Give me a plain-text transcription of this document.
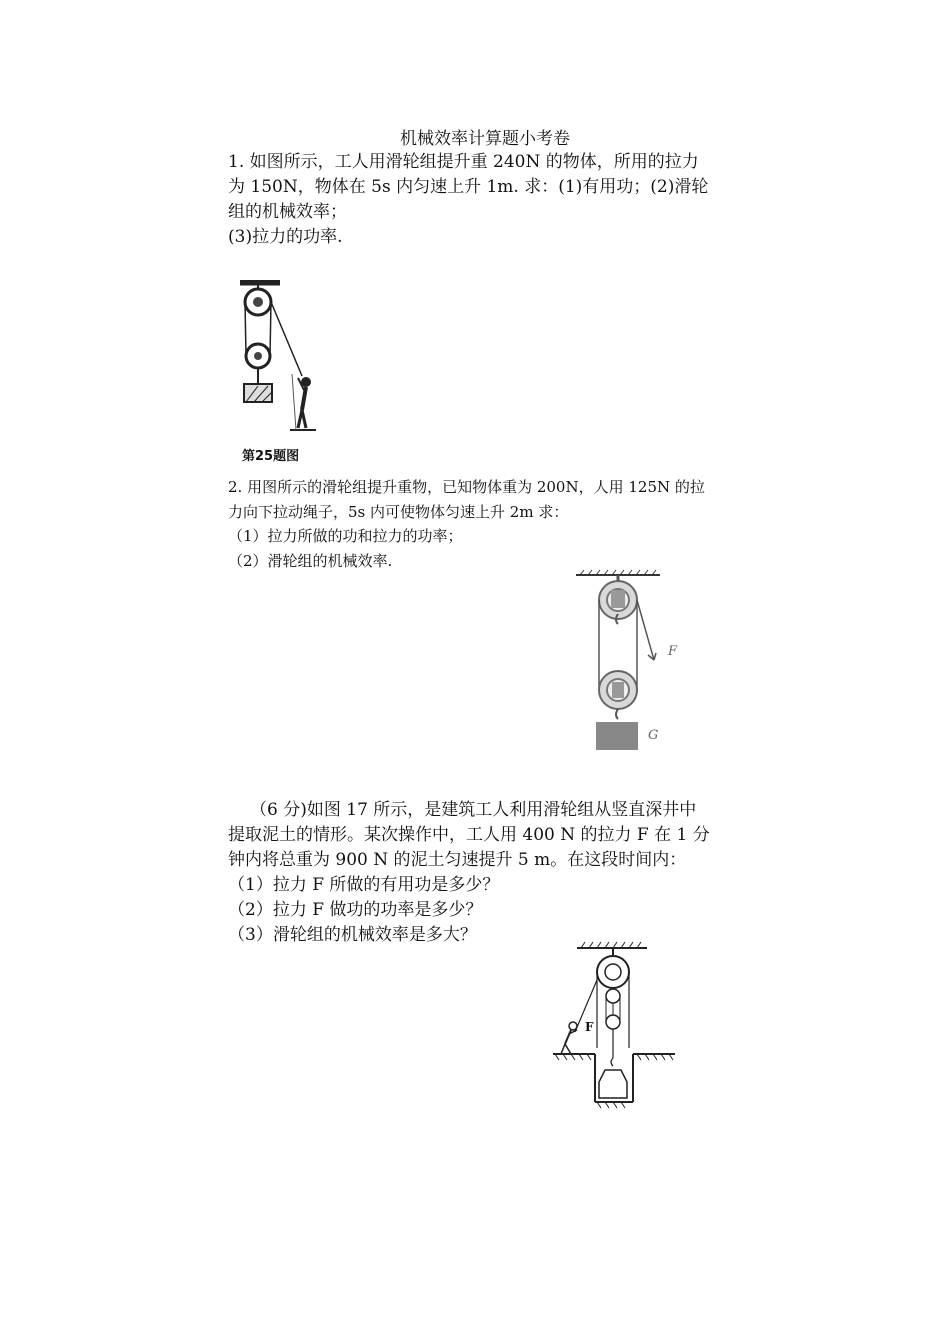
机械效率计算题小考卷

1. 如图所示，工人用滑轮组提升重 240N 的物体，所用的拉力

为 150N，物体在 5s 内匀速上升 1m. 求：(1)有用功；(2)滑轮

组的机械效率；

(3)拉力的功率.

第25题图

2. 用图所示的滑轮组提升重物，已知物体重为 200N，人用 125N 的拉

力向下拉动绳子，5s 内可使物体匀速上升 2m 求：

（1）拉力所做的功和拉力的功率；

（2）滑轮组的机械效率.

F
G

（6 分)如图 17 所示，是建筑工人利用滑轮组从竖直深井中

提取泥土的情形。某次操作中，工人用 400 N 的拉力 F 在 1 分

钟内将总重为 900 N 的泥土匀速提升 5 m。在这段时间内：

（1）拉力 F 所做的有用功是多少？

（2）拉力 F 做功的功率是多少？

（3）滑轮组的机械效率是多大？

F
